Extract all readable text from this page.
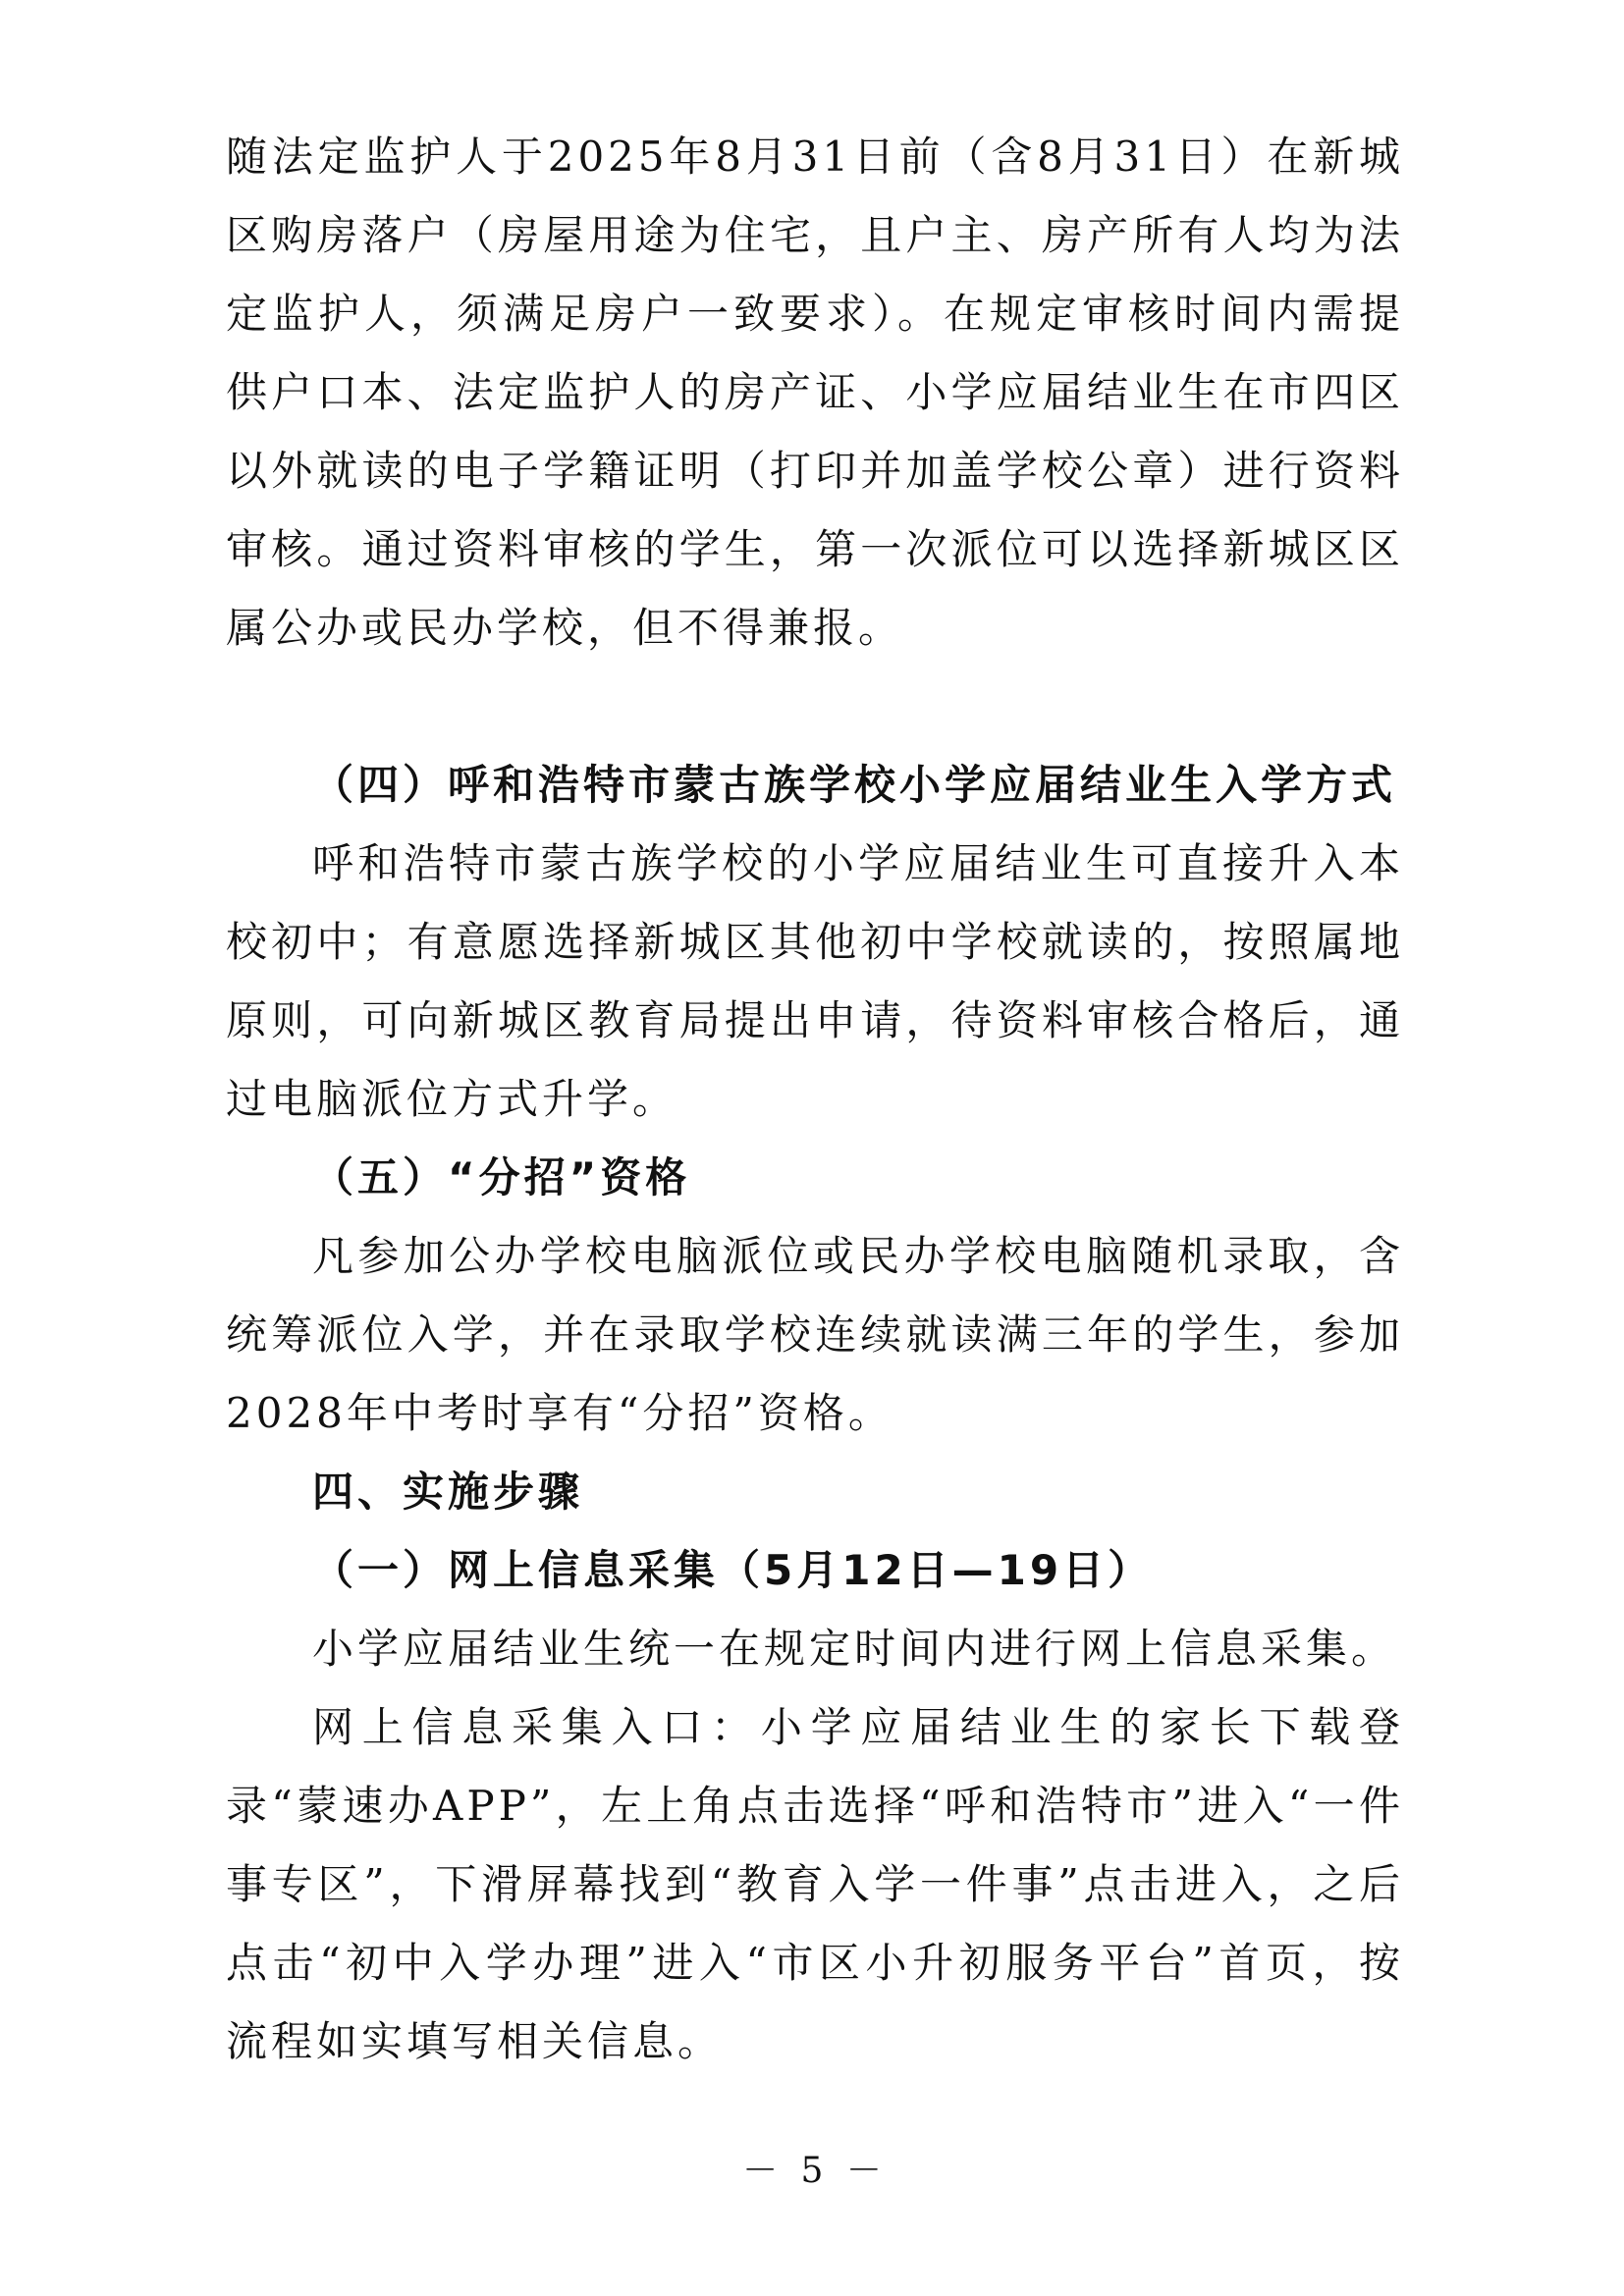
随法定监护人于2025年8月31日前（含8月31日）在新城区购房落户（房屋用途为住宅，且户主、房产所有人均为法定监护人，须满足房户一致要求）。在规定审核时间内需提供户口本、法定监护人的房产证、小学应届结业生在市四区以外就读的电子学籍证明（打印并加盖学校公章）进行资料审核。通过资料审核的学生，第一次派位可以选择新城区区属公办或民办学校，但不得兼报。

（四）呼和浩特市蒙古族学校小学应届结业生入学方式

呼和浩特市蒙古族学校的小学应届结业生可直接升入本校初中；有意愿选择新城区其他初中学校就读的，按照属地原则，可向新城区教育局提出申请，待资料审核合格后，通过电脑派位方式升学。

（五）“分招”资格

凡参加公办学校电脑派位或民办学校电脑随机录取，含统筹派位入学，并在录取学校连续就读满三年的学生，参加2028年中考时享有“分招”资格。

四、实施步骤

（一）网上信息采集（5月12日—19日）

小学应届结业生统一在规定时间内进行网上信息采集。

网上信息采集入口：小学应届结业生的家长下载登录“蒙速办APP”，左上角点击选择“呼和浩特市”进入“一件事专区”，下滑屏幕找到“教育入学一件事”点击进入，之后点击“初中入学办理”进入“市区小升初服务平台”首页，按流程如实填写相关信息。

－ 5 －
